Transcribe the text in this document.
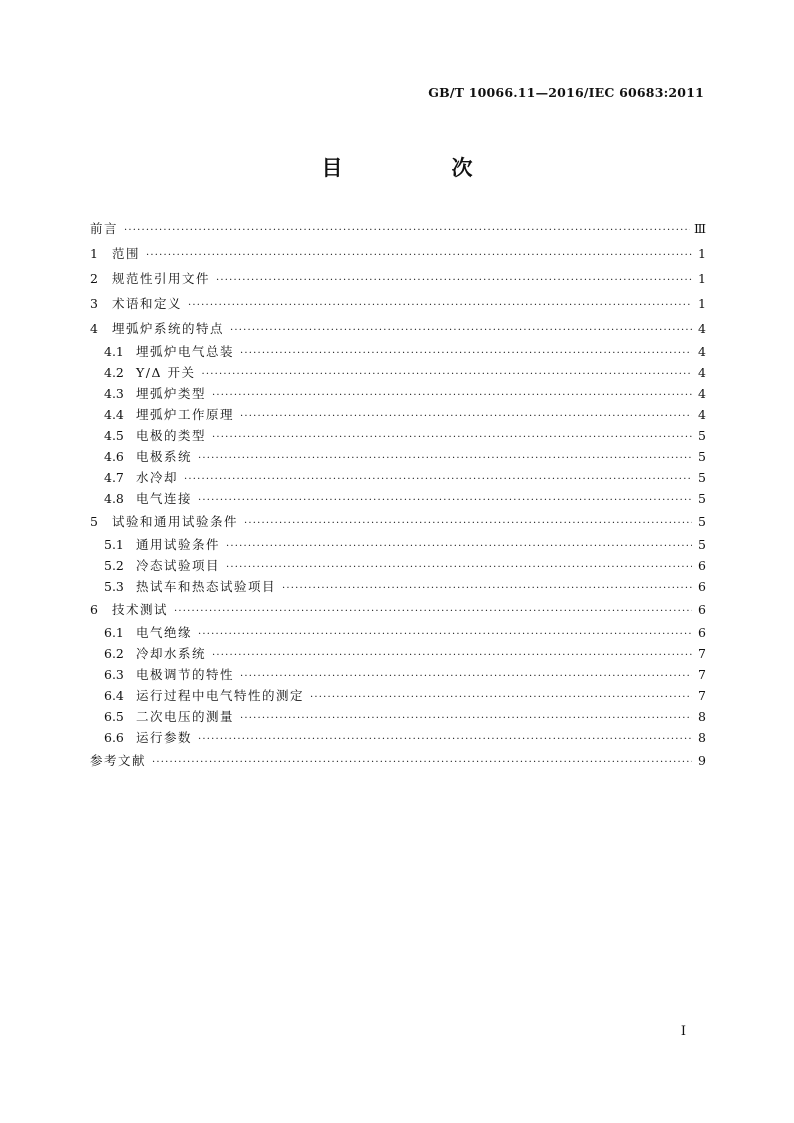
GB/T 10066.11—2016/IEC 60683:2011
目　次
前言 ·····	Ⅲ
1	范围 ·····	1
2	规范性引用文件 ·····	1
3	术语和定义 ·····	1
4	埋弧炉系统的特点 ·····	4
4.1 埋弧炉电气总装 ·····	4
4.2 Y/Δ 开关 ·····	4
4.3 埋弧炉类型 ·····	4
4.4 埋弧炉工作原理 ·····	4
4.5 电极的类型 ·····	5
4.6 电极系统 ·····	5
4.7 水冷却 ·····	5
4.8 电气连接 ·····	5
5	试验和通用试验条件 ·····	5
5.1 通用试验条件 ·····	5
5.2 冷态试验项目 ·····	6
5.3 热试车和热态试验项目 ·····	6
6	技术测试 ·····	6
6.1 电气绝缘 ·····	6
6.2 冷却水系统 ·····	7
6.3 电极调节的特性 ·····	7
6.4 运行过程中电气特性的测定 ·····	7
6.5 二次电压的测量 ·····	8
6.6 运行参数 ·····	8
参考文献 ·····	9
I
